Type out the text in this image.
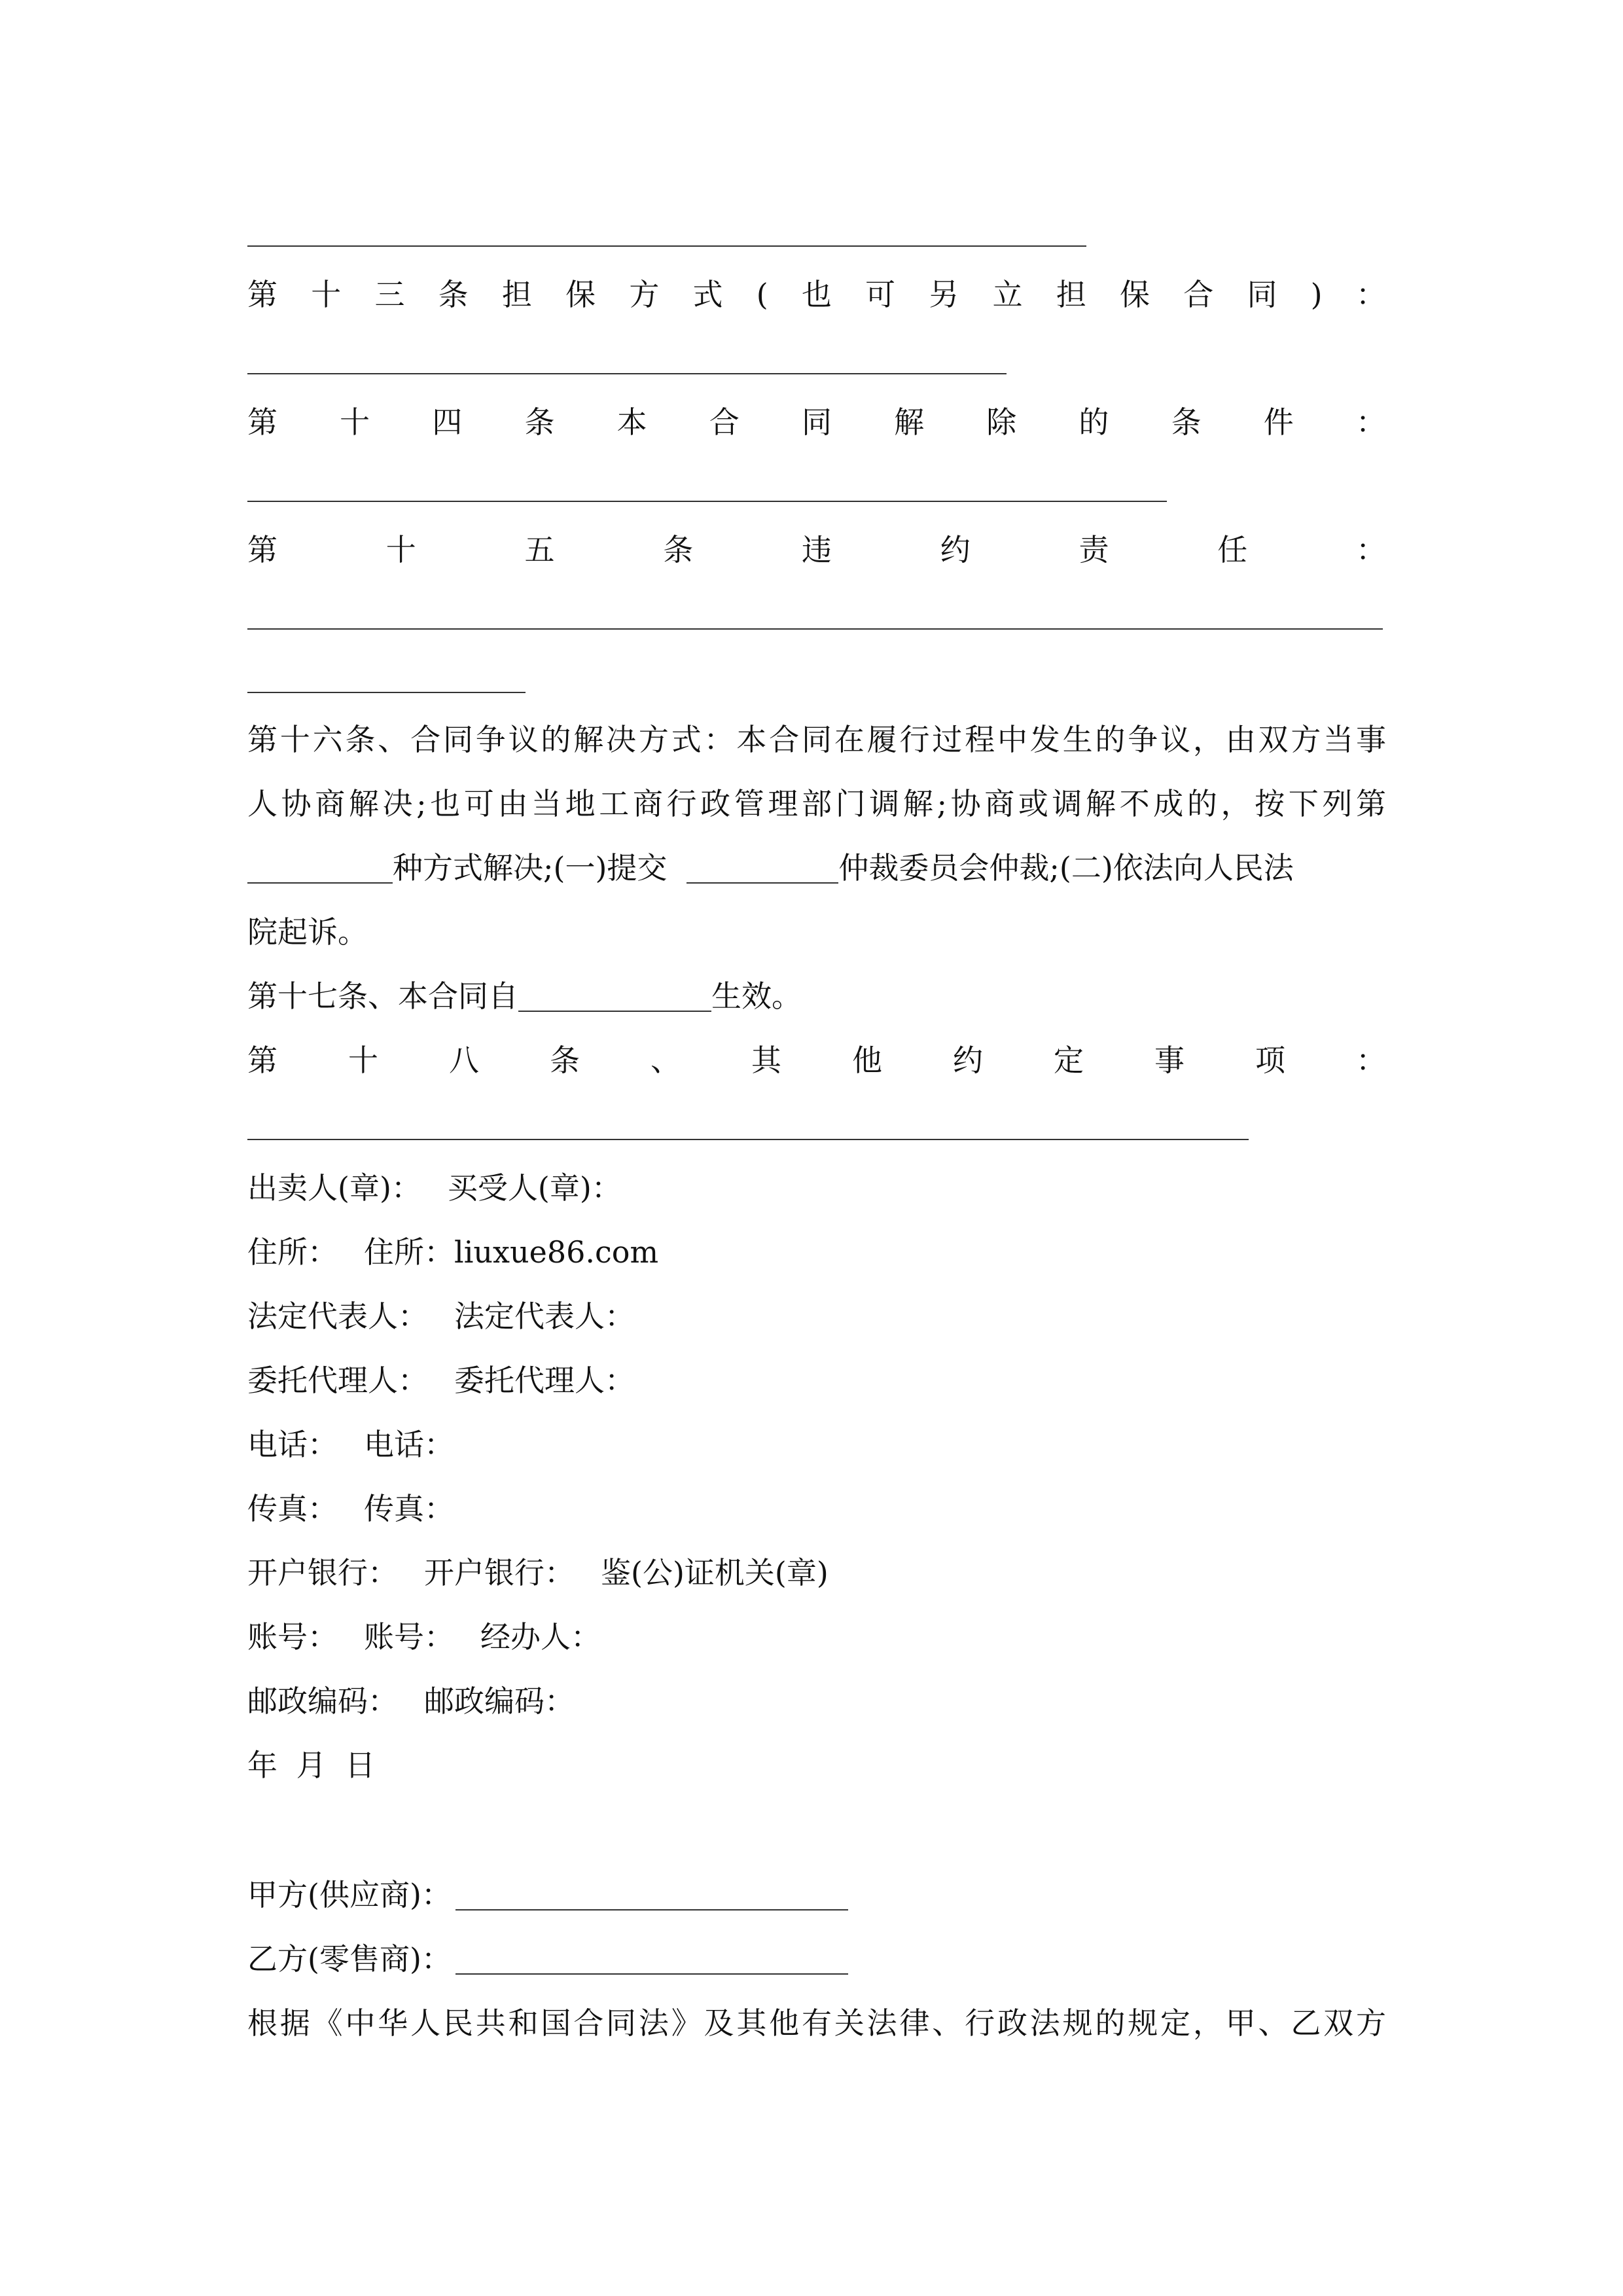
第 十 三 条 担 保 方 式 ( 也 可 另 立 担 保 合 同 ) ：
第 十 四 条 本 合 同 解 除 的 条 件 ：
第	十	五	条	违	约	责	任	：
第十六条、合同争议的解决方式：本合同在履行过程中发生的争议，由双方当事
人协商解决;也可由当地工商行政管理部门调解;协商或调解不成的，按下列第
种方式解决;(一)提交	仲裁委员会仲裁;(二)依法向人民法
院起诉。
第十七条、本合同自	生效。
第 十 八 条 、 其 他 约 定 事 项 ：
出卖人(章)： 买受人(章)：
住所： 住所：liuxue86.com
法定代表人： 法定代表人：
委托代理人： 委托代理人：
电话： 电话：
传真： 传真：
开户银行： 开户银行： 鉴(公)证机关(章)
账号： 账号： 经办人：
邮政编码： 邮政编码：
年 月 日
甲方(供应商)：
乙方(零售商)：
根据《中华人民共和国合同法》及其他有关法律、行政法规的规定，甲、乙双方
